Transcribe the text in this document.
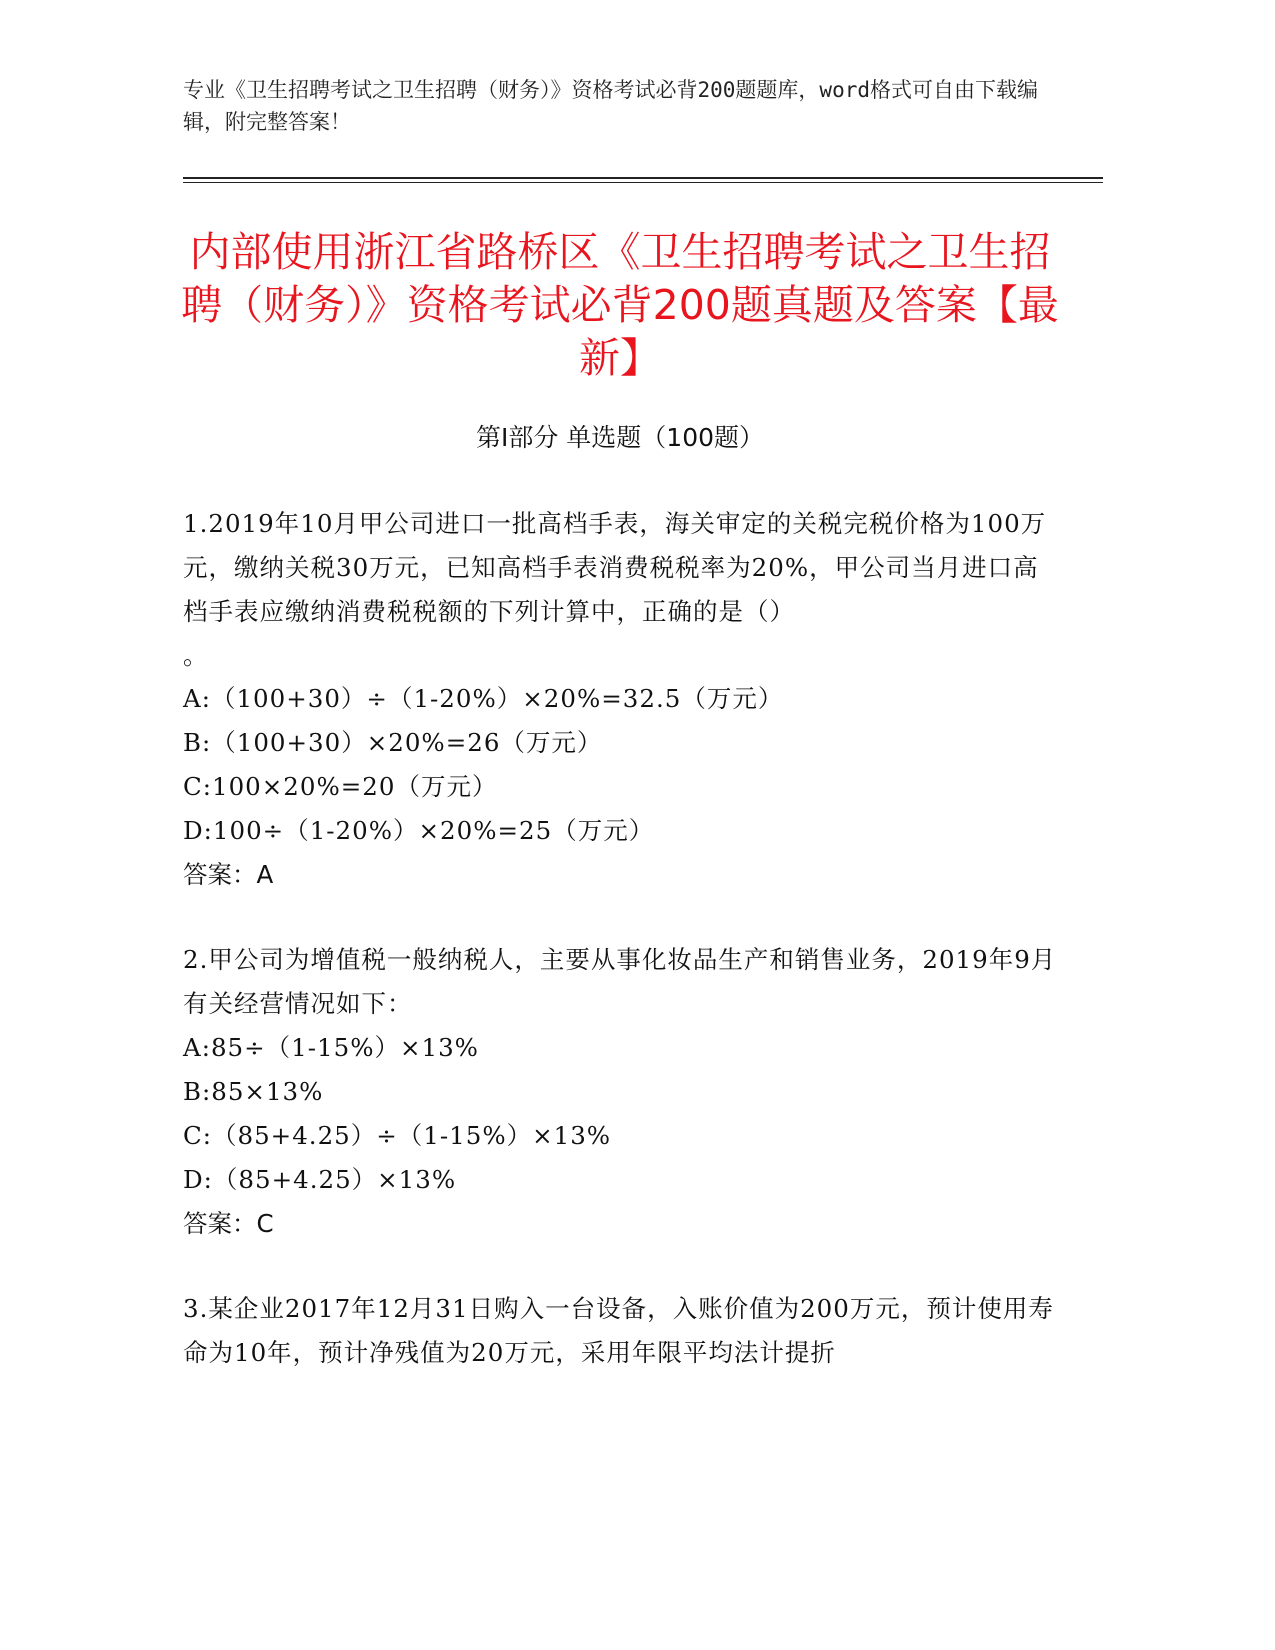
专业《卫生招聘考试之卫生招聘（财务）》资格考试必背200题题库，word格式可自由下载编辑，附完整答案！
内部使用浙江省路桥区《卫生招聘考试之卫生招聘（财务）》资格考试必背200题真题及答案【最新】
第I部分 单选题（100题）

1.2019年10月甲公司进口一批高档手表，海关审定的关税完税价格为100万元，缴纳关税30万元，已知高档手表消费税税率为20%，甲公司当月进口高档手表应缴纳消费税税额的下列计算中，正确的是（）
。

A:（100+30）÷（1-20%）×20%=32.5（万元）

B:（100+30）×20%=26（万元）

C:100×20%=20（万元）

D:100÷（1-20%）×20%=25（万元）

答案：A

2.甲公司为增值税一般纳税人，主要从事化妆品生产和销售业务，2019年9月有关经营情况如下：

A:85÷（1-15%）×13%

B:85×13%

C:（85+4.25）÷（1-15%）×13%

D:（85+4.25）×13%

答案：C

3.某企业2017年12月31日购入一台设备，入账价值为200万元，预计使用寿命为10年，预计净残值为20万元，采用年限平均法计提折
